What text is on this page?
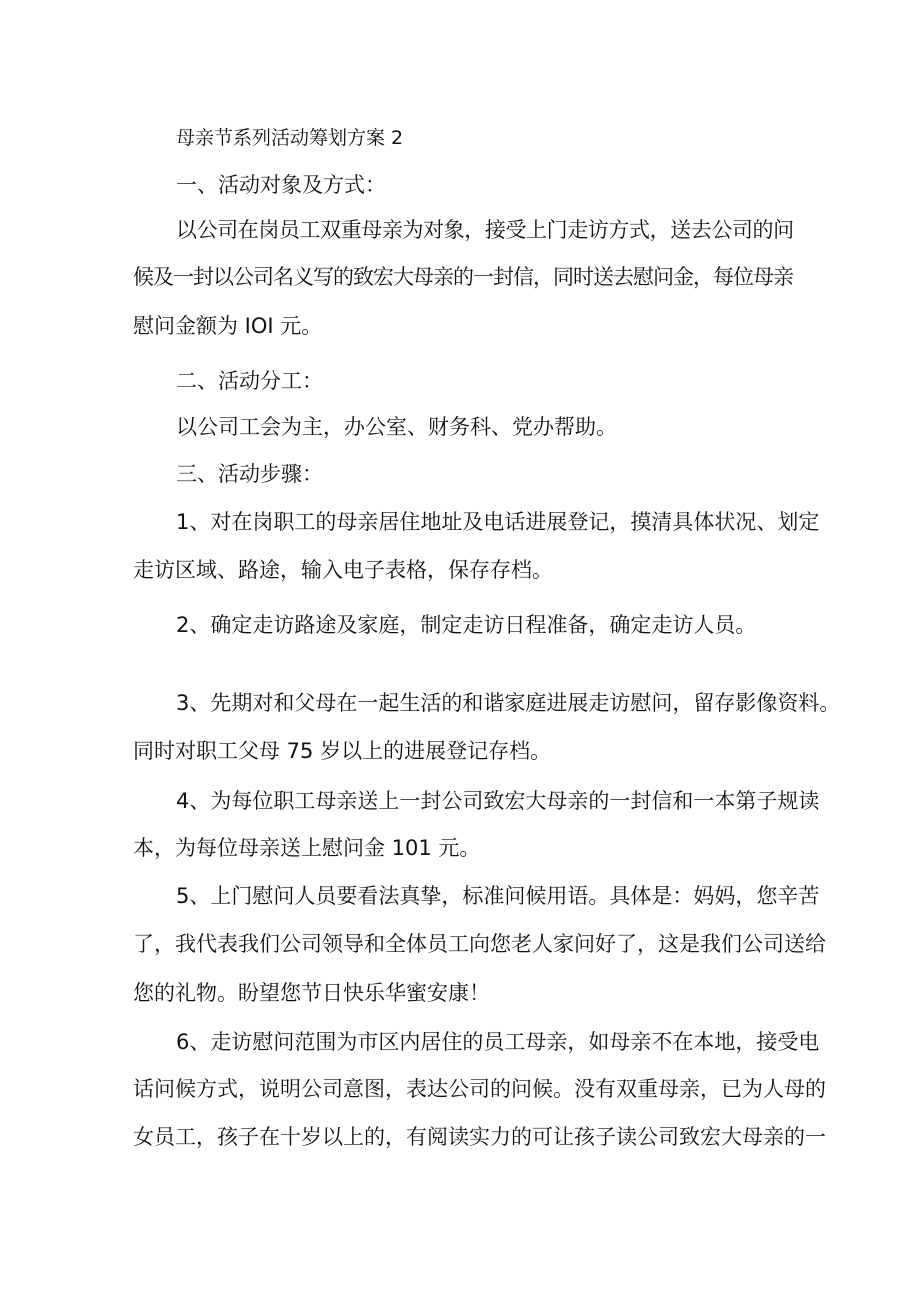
母亲节系列活动筹划方案 2
一、活动对象及方式：
以公司在岗员工双重母亲为对象，接受上门走访方式，送去公司的问
候及一封以公司名义写的致宏大母亲的一封信，同时送去慰问金，每位母亲
慰问金额为 IOI 元。
二、活动分工：
以公司工会为主，办公室、财务科、党办帮助。
三、活动步骤：
1、对在岗职工的母亲居住地址及电话进展登记，摸清具体状况、划定
走访区域、路途，输入电子表格，保存存档。
2、确定走访路途及家庭，制定走访日程准备，确定走访人员。
3、先期对和父母在一起生活的和谐家庭进展走访慰问，留存影像资料。
同时对职工父母 75 岁以上的进展登记存档。
4、为每位职工母亲送上一封公司致宏大母亲的一封信和一本第子规读
本，为每位母亲送上慰问金 101 元。
5、上门慰问人员要看法真挚，标准问候用语。具体是：妈妈，您辛苦
了，我代表我们公司领导和全体员工向您老人家问好了，这是我们公司送给
您的礼物。盼望您节日快乐华蜜安康！
6、走访慰问范围为市区内居住的员工母亲，如母亲不在本地，接受电
话问候方式，说明公司意图，表达公司的问候。没有双重母亲，已为人母的
女员工，孩子在十岁以上的，有阅读实力的可让孩子读公司致宏大母亲的一
